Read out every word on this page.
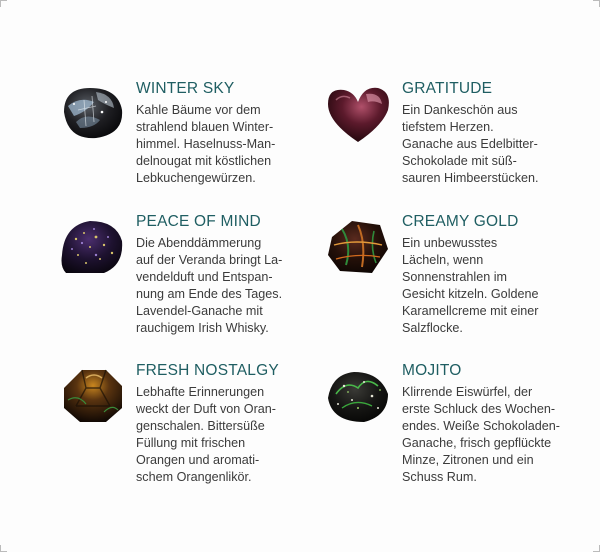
WINTER SKY
Kahle Bäume vor dem
strahlend blauen Winter-
himmel. Haselnuss-Man-
delnougat mit köstlichen
Lebkuchengewürzen.
GRATITUDE
Ein Dankeschön aus
tiefstem Herzen.
Ganache aus Edelbitter-
Schokolade mit süß-
sauren Himbeerstücken.
PEACE OF MIND
Die Abenddämmerung
auf der Veranda bringt La-
vendelduft und Entspan-
nung am Ende des Tages.
Lavendel-Ganache mit
rauchigem Irish Whisky.
CREAMY GOLD
Ein unbewusstes
Lächeln, wenn
Sonnenstrahlen im
Gesicht kitzeln. Goldene
Karamellcreme mit einer
Salzflocke.
FRESH NOSTALGY
Lebhafte Erinnerungen
weckt der Duft von Oran-
genschalen. Bittersüße
Füllung mit frischen
Orangen und aromati-
schem Orangenlikör.
MOJITO
Klirrende Eiswürfel, der
erste Schluck des Wochen-
endes. Weiße Schokoladen-
Ganache, frisch gepflückte
Minze, Zitronen und ein
Schuss Rum.
